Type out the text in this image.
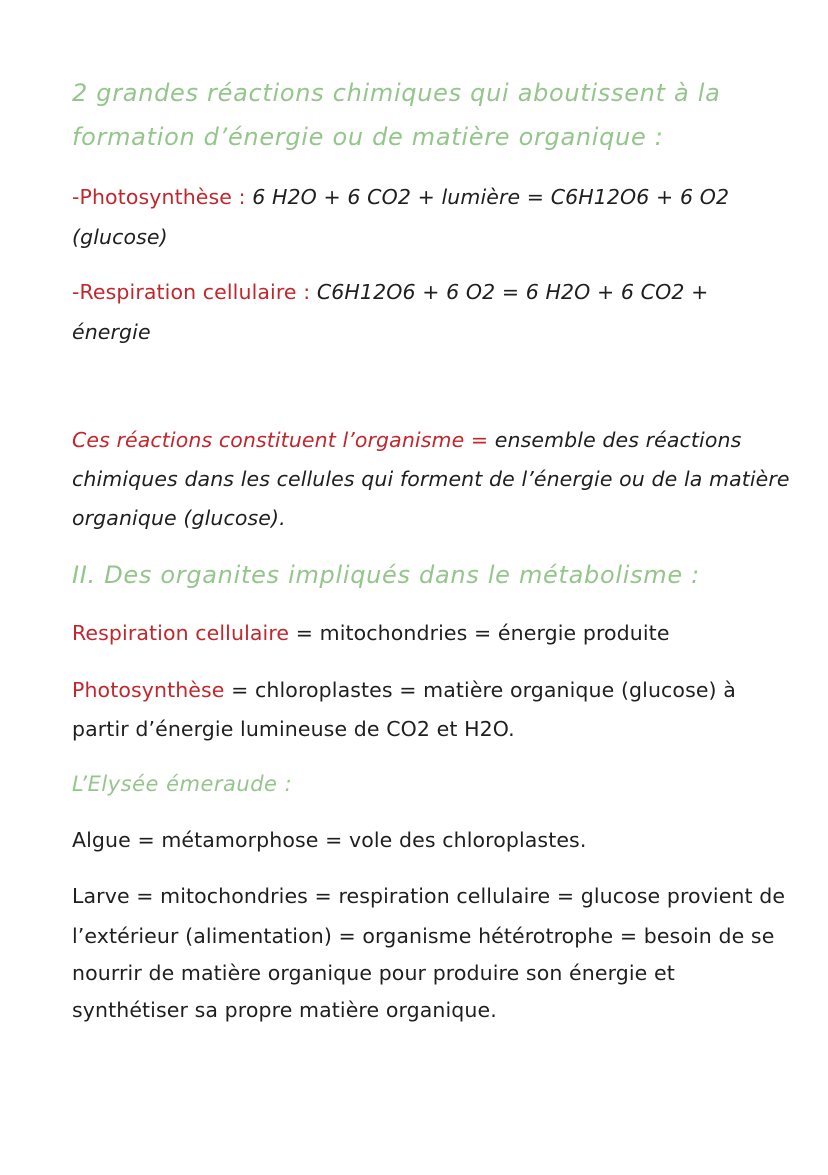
2 grandes réactions chimiques qui aboutissent à la
formation d’énergie ou de matière organique :
-Photosynthèse : 6 H2O + 6 CO2 + lumière = C6H12O6 + 6 O2
(glucose)
-Respiration cellulaire : C6H12O6 + 6 O2 = 6 H2O + 6 CO2 +
énergie
Ces réactions constituent l’organisme = ensemble des réactions
chimiques dans les cellules qui forment de l’énergie ou de la matière
organique (glucose).
II. Des organites impliqués dans le métabolisme :
Respiration cellulaire = mitochondries = énergie produite
Photosynthèse = chloroplastes = matière organique (glucose) à
partir d’énergie lumineuse de CO2 et H2O.
L’Elysée émeraude :
Algue = métamorphose = vole des chloroplastes.
Larve = mitochondries = respiration cellulaire = glucose provient de
l’extérieur (alimentation) = organisme hétérotrophe = besoin de se
nourrir de matière organique pour produire son énergie et
synthétiser sa propre matière organique.
